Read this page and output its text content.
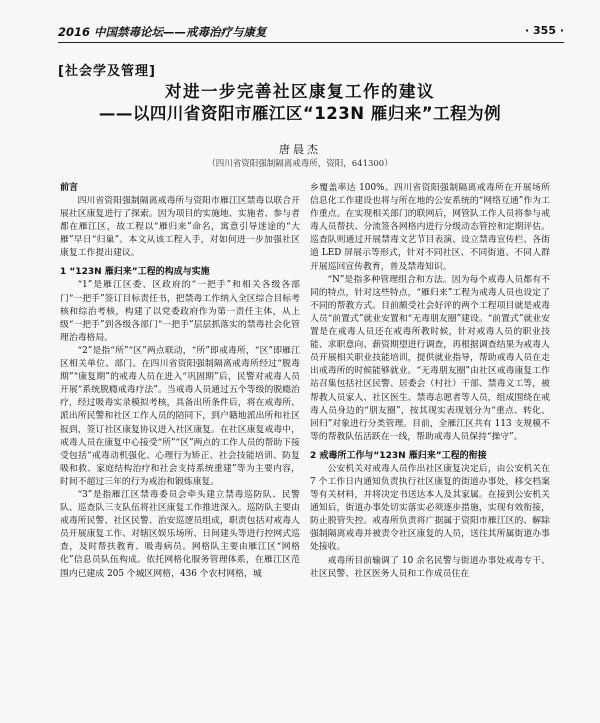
2016 中国禁毒论坛——戒毒治疗与康复	· 355 ·
[社会学及管理]
对进一步完善社区康复工作的建议
——以四川省资阳市雁江区“123N 雁归来”工程为例
唐晨杰
（四川省资阳强制隔离戒毒所，资阳，641300）

前言

四川省资阳强制隔离戒毒所与资阳市雁江区禁毒以联合开展社区康复进行了探索。因为项目的实施地、实施者、参与者都在雁江区，故工程以“雁归来”命名，寓意引导迷途的“大雁”早日“归巢”。本文从该工程入手，对如何进一步加强社区康复工作提出建议。

1 “123N 雁归来”工程的构成与实施

“1”是雁江区委、区政府的“一把手”和相关各级各部门“一把手”签订目标责任书，把禁毒工作纳入全区综合目标考核和综治考核，构建了以党委政府作为第一责任主体，从上级“一把手”到各级各部门“一把手”层层抓落实的禁毒社会化管理治毒格局。

“2”是指“所”“区”两点联动，“所”即戒毒所，“区”即雁江区相关单位、部门。在四川省资阳强制隔离戒毒所经过“脱毒期”“康复期”的戒毒人员在进入“巩固期”后，民警对戒毒人员开展“系统脱瘾戒毒疗法”。当戒毒人员通过五个等级的脱瘾治疗，经过吸毒实录模拟考核，具备出所条件后，将在戒毒所、派出所民警和社区工作人员的陪同下，到户籍地派出所和社区报到，签订社区康复协议进入社区康复。在社区康复戒毒中，戒毒人员在康复中心接受“所”“区”两点的工作人员的帮助下接受包括“戒毒动机强化、心理行为矫正、社会技能培训、防复吸和救、家庭结构治疗和社会支持系统重建”等为主要内容，时间不超过三年的行为戒治和锻炼康复。

“3”是指雁江区禁毒委员会牵头建立禁毒巡防队、民警队、巡查队三支队伍将社区康复工作推进深入。巡防队主要由戒毒所民警、社区民警、治安巡逻员组成，职责包括对戒毒人员开展康复工作、对辖区娱乐场所、日间建头等进行控网式巡查，及时帮扶教育、吸毒病员。网格队主要由雁江区“网格化”信息员队伍构成。依托网格化服务管理体系，在雁江区范围内已建成 205 个城区网格，436 个农村网格，城

乡覆盖率达 100%。四川省资阳强制隔离戒毒所在开展场所信息化工作建设也将与所在地的公安系统的“网络互通”作为工作重点。在实现相关部门的联网后，网管队工作人员将参与戒毒人员帮扶、分流签各网格内进行分级动态管控和定期评估。巡查队则通过开展禁毒文艺节目表演、设立禁毒宣传栏、各街道 LED 屏展示等形式，针对不同社区、不同街道、不同人群开展巡回宣传教育，普及禁毒知识。

“N”是指多种管理组合和方法。因为每个戒毒人员都有不同的特点，针对这些特点，“雁归来”工程为戒毒人员也设定了不同的帮教方式。目前颇受社会好评的两个工程项目就是戒毒人员“前置式”就业安置和“无毒朋友圈”建设。“前置式”就业安置是在戒毒人员还在戒毒所教时候，针对戒毒人员的职业技能、求职意向、薪资期望进行调查，再根据调查结果为戒毒人员开展相关职业技能培训，提供就业指导，帮助戒毒人员在走出戒毒所的时候能够就业。“无毒朋友圈”由社区戒毒康复工作站召集包括社区民警、居委会（村社）干部、禁毒义工等，被帮教人员家人、社区医生、禁毒志愿者等人员，组成围绕在戒毒人员身边的“朋友圈”，按其现实表现划分为“重点、转化、回归”对象进行分类管理。目前，全雁江区共有 113 支规模不等的帮教队伍活跃在一线，帮助戒毒人员保持“操守”。

2 戒毒所工作与“123N 雁归来”工程的衔接

公安机关对戒毒人员作出社区康复决定后，由公安机关在 7 个工作日内通知负责执行社区康复的街道办事处，移交档案等有关材料，并将决定书送达本人及其家属。在接到公安机关通知后，街道办事处切实落实必须逐步措施，实现有效衔接，防止脱管失控。戒毒所负责将广据属于资阳市雁江区的、解除强制隔离戒毒并被责令社区康复的人员，送往其所属街道办事处接收。

戒毒所目前输调了 10 余名民警与街道办事处戒毒专干、社区民警、社区医务人员和工作成员住在
